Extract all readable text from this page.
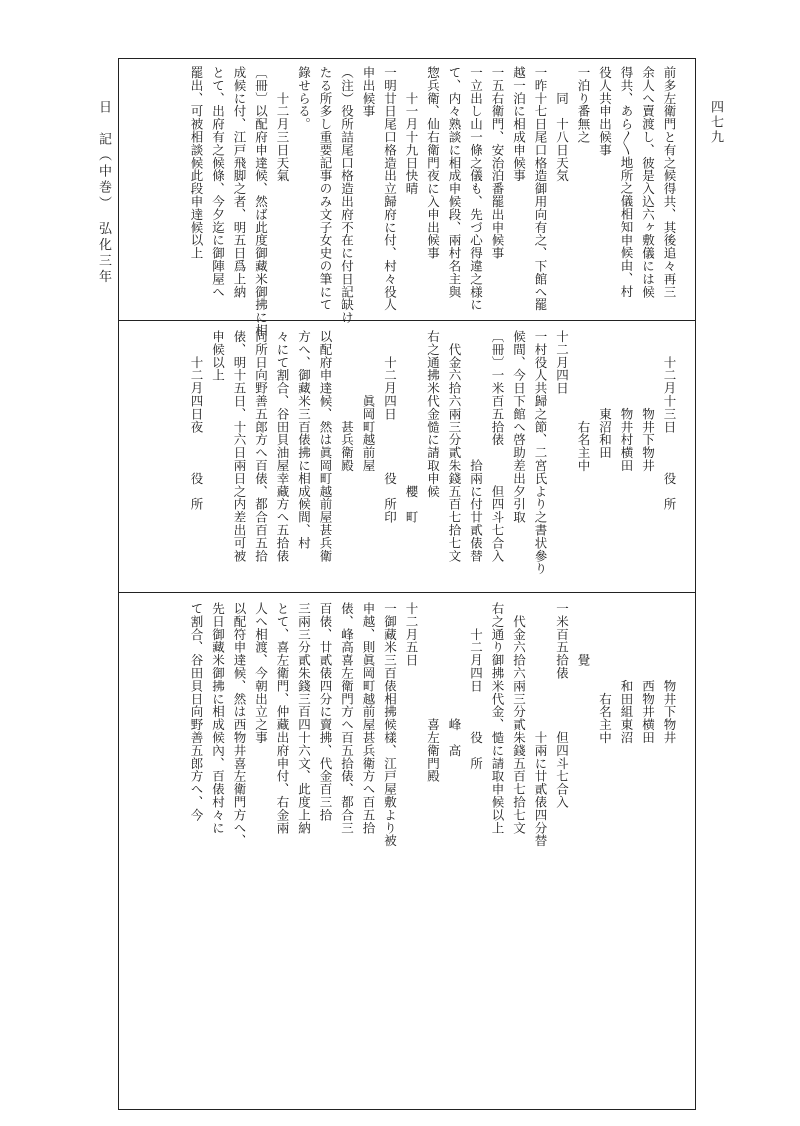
四七九
日　記（中巻）　弘化三年	前多左衛門と有之候得共、其後追々再三

余人へ賣渡し、彼是入込六ヶ敷儀には候

得共、あら〳〵地所之儀相知申候由、村

役人共申出候事

一泊り番無之

　　同　十八日天気

一昨十七日尾口格造御用向有之、下館へ罷

越一泊に相成申候事

一五右衛門、安治泊番罷出申候事

一立出し山一條之儀も、先づ心得違之様に

て、内々熟談に相成申候段、兩村名主與

惣兵衛、仙右衛門夜に入申出候事

　　十一月十九日快晴

一明廿日尾口格造出立歸府に付、村々役人

申出候事

（注）役所詰尾口格造出府不在に付日記缺け

たる所多し重要記事のみ文子女史の筆にて

錄せらる。

　　十二月三日天氣

〔冊〕以配府申達候、然ば此度御藏米御拂に相

成候に付、江戸飛脚之者、明五日爲上納

とて、出府有之候條、今夕迄に御陣屋へ

罷出、可被相談候此段申達候以上

　　十二月十三日　　　役　所

　　　　　　物井下物井

　　　　　　物井村横田

　　　　　　東沼和田

　　　　　　　右名主中

十二月四日

一村役人共歸之節、二宮氏より之書状參り

候間、今日下館へ啓助差出夕引取

〔冊〕一米百五拾俵　　　但四斗七合入

　　　　　　　　　　拾兩に付廿貳俵替

　代金六拾六兩三分貳朱錢五百七拾七文

右之通拂米代金慥に請取申候

　　　　　　　　　　　　櫻　町

　　十二月四日　　　　役　所印

　　　　　眞岡町越前屋

　　　　　　　甚兵衛殿

以配府申達候、然は眞岡町越前屋甚兵衛

方へ、御藏米三百俵拂に相成候間、村

々にて割合、谷田貝油屋幸藏方へ五拾俵

同所日向野善五郎方へ百俵、都合百五拾

俵、明十五日、十六日兩日之内差出可被

申候以上

　　十二月四日夜　　　役　所

　　　　　　物井下物井

　　　　　　西物井横田

　　　　　　和田組東沼

　　　　　　　右名主中

　　　　覺

一米百五拾俵　　　　但四斗七合入

　　　　　　　　　　十兩に廿貳俵四分替

　代金六拾六兩三分貳朱錢五百七拾七文

右之通り御拂米代金、慥に請取申候以上

　　十二月四日　　　役　所

　　　　　　　　　峰　高

　　　　　　　　　喜左衛門殿

十二月五日

一御藏米三百俵相拂候樣、江戸屋敷より被

申越、則眞岡町越前屋甚兵衛方へ百五拾

俵、峰高喜左衛門方へ百五拾俵、都合三

百俵、廿貳俵四分に賣拂、代金百三拾

三兩三分貳朱錢三百四十六文、此度上納

とて、喜左衛門、仲藏出府申付、右金兩

人へ相渡、今朝出立之事

以配符申達候、然は西物井喜左衛門方へ、

先日御藏米御拂に相成候內、百俵村々に

て割合、谷田貝日向野善五郎方へ、今
